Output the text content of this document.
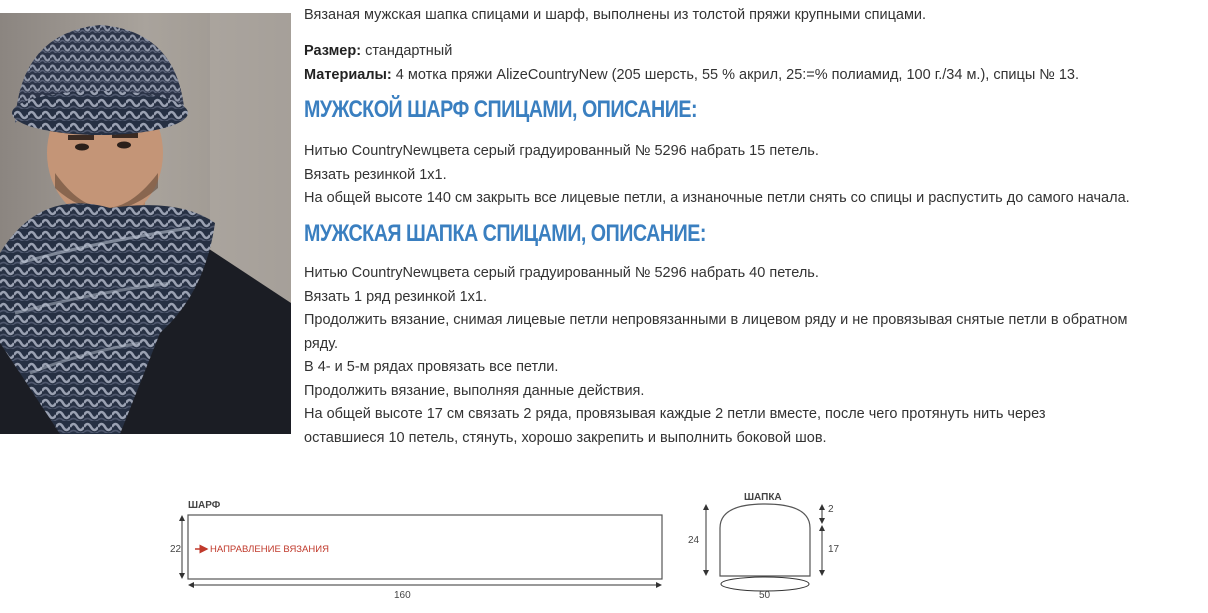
Вязаная мужская шапка спицами и шарф, выполнены из толстой пряжи крупными спицами.
Размер: стандартный
Материалы: 4 мотка пряжи AlizeCountryNew (205 шерсть, 55 % акрил, 25:=% полиамид, 100 г./34 м.), спицы № 13.
МУЖСКОЙ ШАРФ СПИЦАМИ, ОПИСАНИЕ:
Нитью CountryNewцвета серый градуированный № 5296 набрать 15 петель.
Вязать резинкой 1х1.
На общей высоте 140 см закрыть все лицевые петли, а изнаночные петли снять со спицы и распустить до самого начала.
МУЖСКАЯ ШАПКА СПИЦАМИ, ОПИСАНИЕ:
Нитью CountryNewцвета серый градуированный № 5296 набрать 40 петель.
Вязать 1 ряд резинкой 1х1.
Продолжить вязание, снимая лицевые петли непровязанными в лицевом ряду и не провязывая снятые петли в обратном
ряду.
В 4- и 5-м рядах провязать все петли.
Продолжить вязание, выполняя данные действия.
На общей высоте 17 см связать 2 ряда, провязывая каждые 2 петли вместе, после чего протянуть нить через
оставшиеся 10 петель, стянуть, хорошо закрепить и выполнить боковой шов.
ШАРФ
22	НАПРАВЛЕНИЕ ВЯЗАНИЯ
160
ШАПКА
24
2
17
50
